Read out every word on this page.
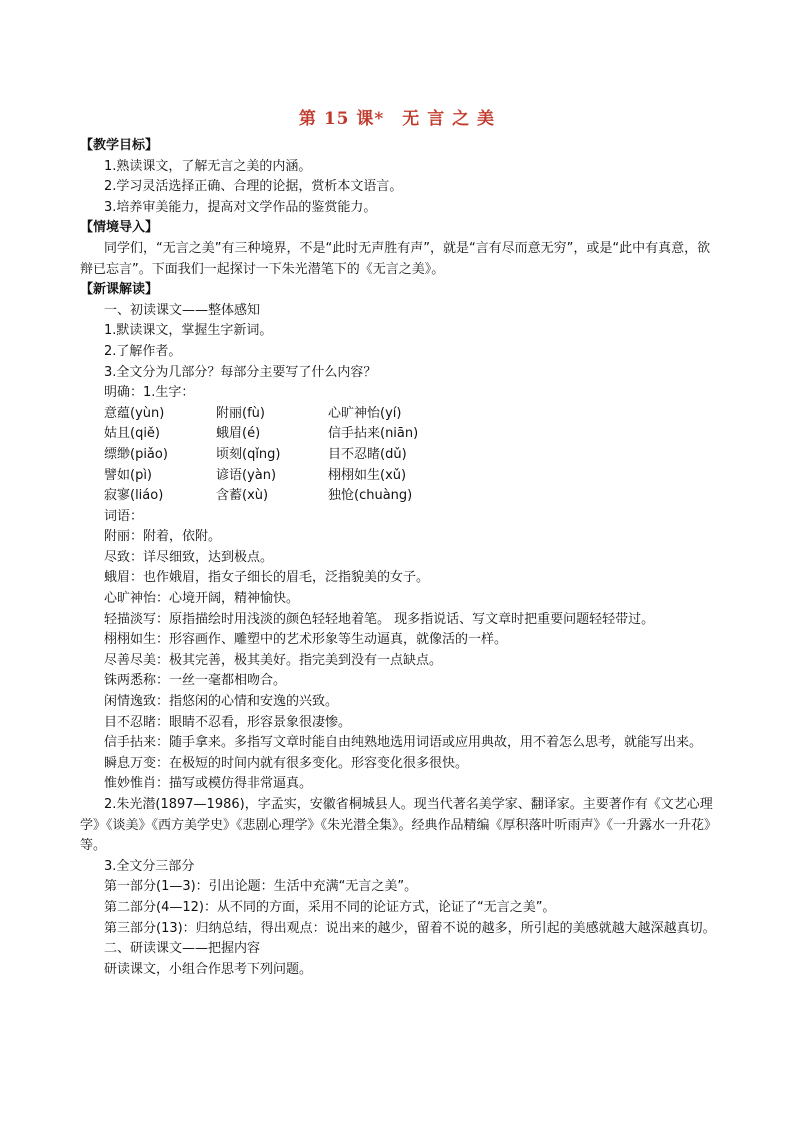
第 15 课*　无 言 之 美
【教学目标】
1.熟读课文，了解无言之美的内涵。
2.学习灵活选择正确、合理的论据，赏析本文语言。
3.培养审美能力，提高对文学作品的鉴赏能力。
【情境导入】
同学们，“无言之美”有三种境界，不是“此时无声胜有声”，就是“言有尽而意无穷”，或是“此中有真意，欲辩已忘言”。下面我们一起探讨一下朱光潜笔下的《无言之美》。
【新课解读】
一、初读课文——整体感知
1.默读课文，掌握生字新词。
2.了解作者。
3.全文分为几部分？每部分主要写了什么内容？
明确：1.生字：
意蕴(yùn)	附丽(fù)	心旷神怡(yí)
姑且(qiě)	蛾眉(é)	信手拈来(niān)
缥缈(piǎo)	顷刻(qǐng)	目不忍睹(dǔ)
譬如(pì)	谚语(yàn)	栩栩如生(xǔ)
寂寥(liáo)	含蓄(xù)	独怆(chuàng)
词语：
附丽：附着，依附。
尽致：详尽细致，达到极点。
蛾眉：也作娥眉，指女子细长的眉毛，泛指貌美的女子。
心旷神怡：心境开阔，精神愉快。
轻描淡写：原指描绘时用浅淡的颜色轻轻地着笔。 现多指说话、写文章时把重要问题轻轻带过。
栩栩如生：形容画作、雕塑中的艺术形象等生动逼真，就像活的一样。
尽善尽美：极其完善，极其美好。指完美到没有一点缺点。
铢两悉称：一丝一毫都相吻合。
闲情逸致：指悠闲的心情和安逸的兴致。
目不忍睹：眼睛不忍看，形容景象很凄惨。
信手拈来：随手拿来。多指写文章时能自由纯熟地选用词语或应用典故，用不着怎么思考，就能写出来。
瞬息万变：在极短的时间内就有很多变化。形容变化很多很快。
惟妙惟肖：描写或模仿得非常逼真。
2.朱光潜(1897—1986)，字孟实，安徽省桐城县人。现当代著名美学家、翻译家。主要著作有《文艺心理学》《谈美》《西方美学史》《悲剧心理学》《朱光潜全集》。经典作品精编《厚积落叶听雨声》《一升露水一升花》等。
3.全文分三部分
第一部分(1—3)：引出论题：生活中充满“无言之美”。
第二部分(4—12)：从不同的方面，采用不同的论证方式，论证了“无言之美”。
第三部分(13)：归纳总结，得出观点：说出来的越少，留着不说的越多，所引起的美感就越大越深越真切。
二、研读课文——把握内容
研读课文，小组合作思考下列问题。
